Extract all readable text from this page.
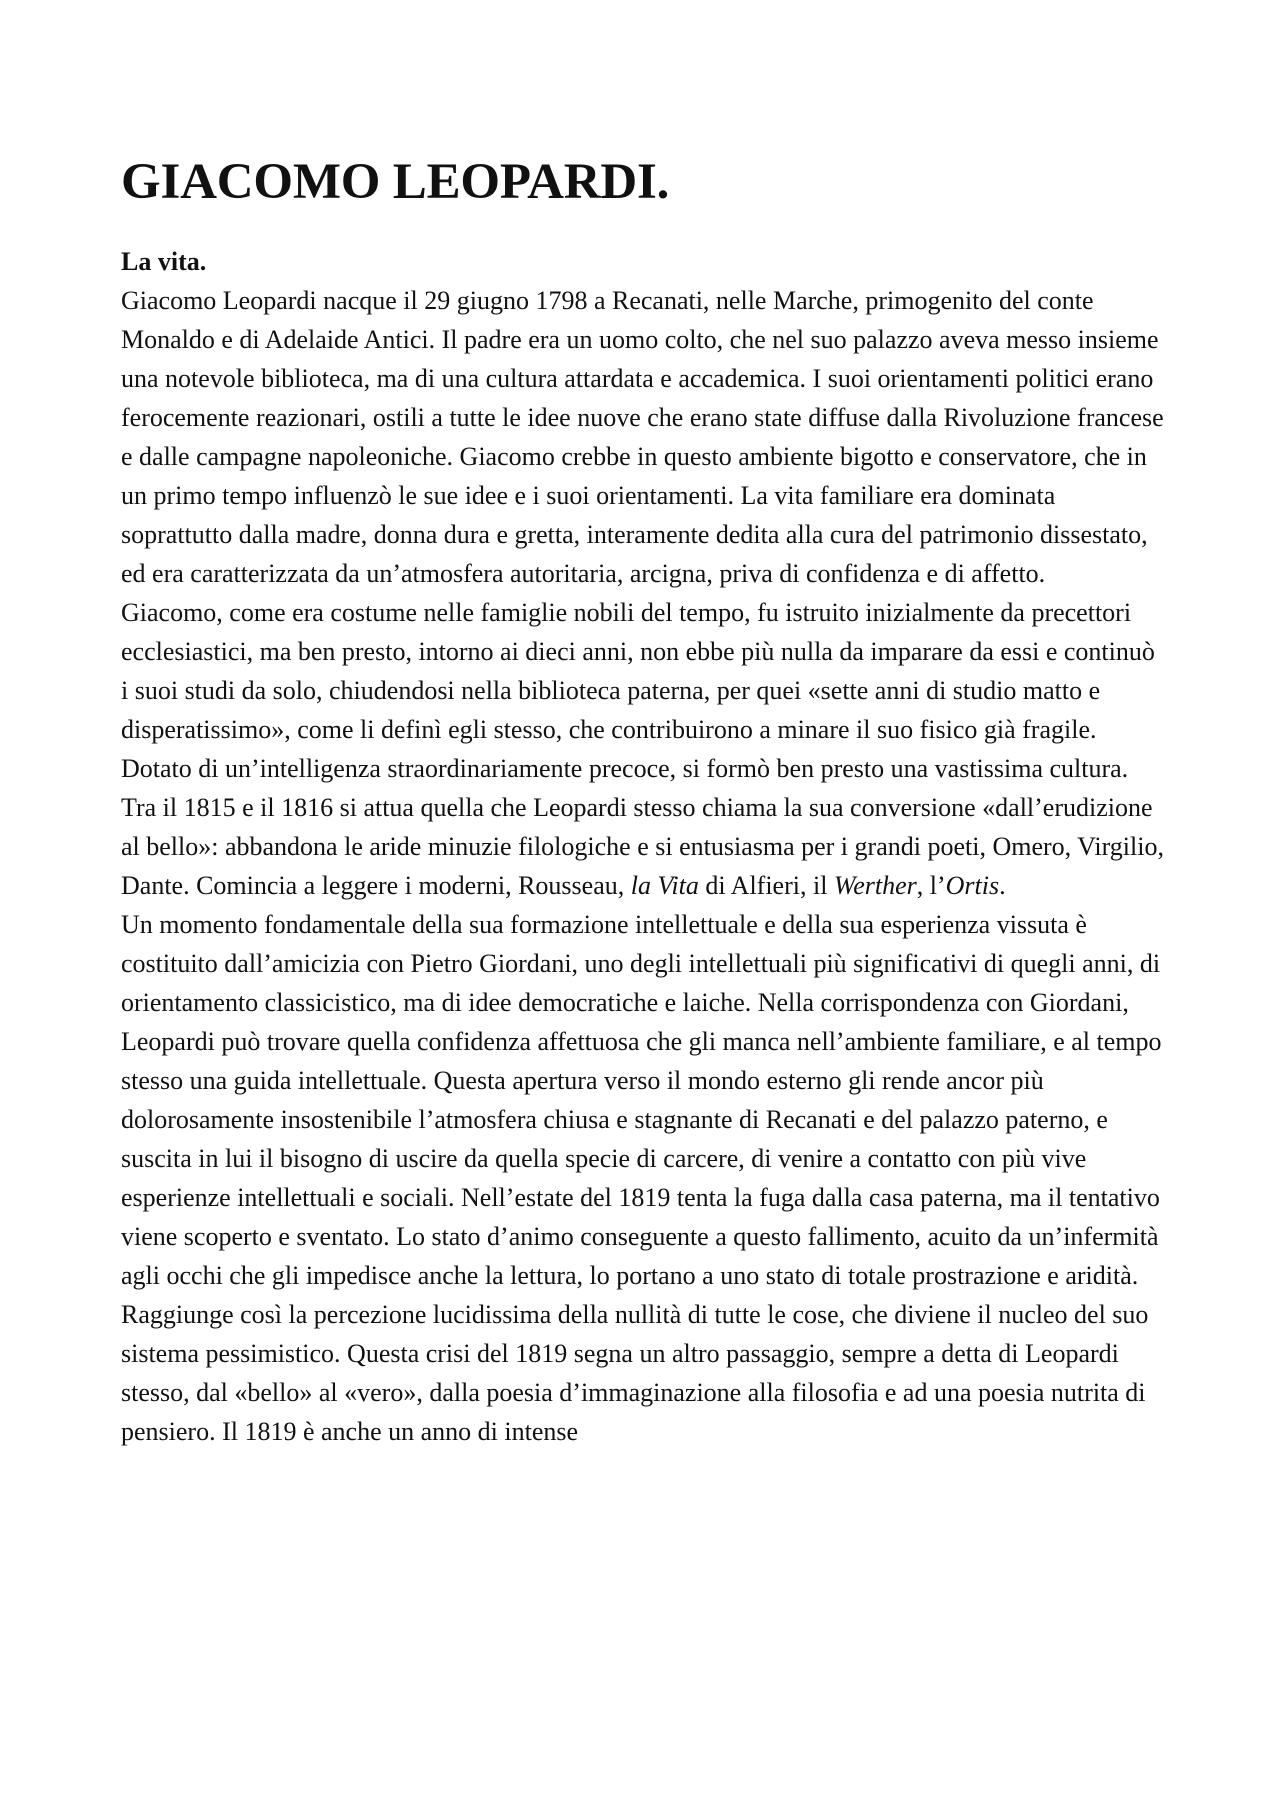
GIACOMO LEOPARDI.
La vita.

Giacomo Leopardi nacque il 29 giugno 1798 a Recanati, nelle Marche, primogenito del conte Monaldo e di Adelaide Antici. Il padre era un uomo colto, che nel suo palazzo aveva messo insieme una notevole biblioteca, ma di una cultura attardata e accademica. I suoi orientamenti politici erano ferocemente reazionari, ostili a tutte le idee nuove che erano state diffuse dalla Rivoluzione francese e dalle campagne napoleoniche. Giacomo crebbe in questo ambiente bigotto e conservatore, che in un primo tempo influenzò le sue idee e i suoi orientamenti. La vita familiare era dominata soprattutto dalla madre, donna dura e gretta, interamente dedita alla cura del patrimonio dissestato, ed era caratterizzata da un’atmosfera autoritaria, arcigna, priva di confidenza e di affetto.

Giacomo, come era costume nelle famiglie nobili del tempo, fu istruito inizialmente da precettori ecclesiastici, ma ben presto, intorno ai dieci anni, non ebbe più nulla da imparare da essi e continuò i suoi studi da solo, chiudendosi nella biblioteca paterna, per quei «sette anni di studio matto e disperatissimo», come li definì egli stesso, che contribuirono a minare il suo fisico già fragile. Dotato di un’intelligenza straordinariamente precoce, si formò ben presto una vastissima cultura.

Tra il 1815 e il 1816 si attua quella che Leopardi stesso chiama la sua conversione «dall’erudizione al bello»: abbandona le aride minuzie filologiche e si entusiasma per i grandi poeti, Omero, Virgilio, Dante. Comincia a leggere i moderni, Rousseau, la Vita di Alfieri, il Werther, l’Ortis.

Un momento fondamentale della sua formazione intellettuale e della sua esperienza vissuta è costituito dall’amicizia con Pietro Giordani, uno degli intellettuali più significativi di quegli anni, di orientamento classicistico, ma di idee democratiche e laiche. Nella corrispondenza con Giordani, Leopardi può trovare quella confidenza affettuosa che gli manca nell’ambiente familiare, e al tempo stesso una guida intellettuale. Questa apertura verso il mondo esterno gli rende ancor più dolorosamente insostenibile l’atmosfera chiusa e stagnante di Recanati e del palazzo paterno, e suscita in lui il bisogno di uscire da quella specie di carcere, di venire a contatto con più vive esperienze intellettuali e sociali. Nell’estate del 1819 tenta la fuga dalla casa paterna, ma il tentativo viene scoperto e sventato. Lo stato d’animo conseguente a questo fallimento, acuito da un’infermità agli occhi che gli impedisce anche la lettura, lo portano a uno stato di totale prostrazione e aridità. Raggiunge così la percezione lucidissima della nullità di tutte le cose, che diviene il nucleo del suo sistema pessimistico. Questa crisi del 1819 segna un altro passaggio, sempre a detta di Leopardi stesso, dal «bello» al «vero», dalla poesia d’immaginazione alla filosofia e ad una poesia nutrita di pensiero. Il 1819 è anche un anno di intense
